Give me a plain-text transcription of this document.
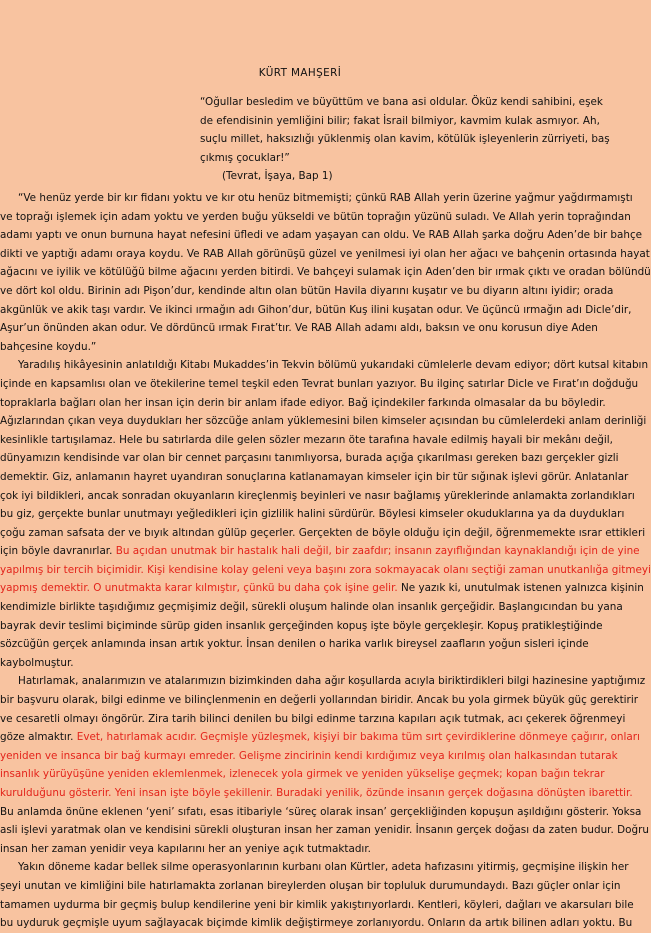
KÜRT MAHŞERİ
“Oğullar besledim ve büyüttüm ve bana asi oldular. Öküz kendi sahibini, eşek
de efendisinin yemliğini bilir; fakat İsrail bilmiyor, kavmim kulak asmıyor. Ah,
suçlu millet, haksızlığı yüklenmiş olan kavim, kötülük işleyenlerin zürriyeti, baş
çıkmış çocuklar!”
(Tevrat, İşaya, Bap 1)
“Ve henüz yerde bir kır fidanı yoktu ve kır otu henüz bitmemişti; çünkü RAB Allah yerin üzerine yağmur yağdırmamıştı
ve toprağı işlemek için adam yoktu ve yerden buğu yükseldi ve bütün toprağın yüzünü suladı. Ve Allah yerin toprağından
adamı yaptı ve onun burnuna hayat nefesini üfledi ve adam yaşayan can oldu. Ve RAB Allah şarka doğru Aden’de bir bahçe
dikti ve yaptığı adamı oraya koydu. Ve RAB Allah görünüşü güzel ve yenilmesi iyi olan her ağacı ve bahçenin ortasında hayat
ağacını ve iyilik ve kötülüğü bilme ağacını yerden bitirdi. Ve bahçeyi sulamak için Aden’den bir ırmak çıktı ve oradan bölündü
ve dört kol oldu. Birinin adı Pişon’dur, kendinde altın olan bütün Havila diyarını kuşatır ve bu diyarın altını iyidir; orada
akgünlük ve akik taşı vardır. Ve ikinci ırmağın adı Gihon’dur, bütün Kuş ilini kuşatan odur. Ve üçüncü ırmağın adı Dicle’dir,
Aşur’un önünden akan odur. Ve dördüncü ırmak Fırat’tır. Ve RAB Allah adamı aldı, baksın ve onu korusun diye Aden
bahçesine koydu.”
Yaradılış hikâyesinin anlatıldığı Kitabı Mukaddes’in Tekvin bölümü yukarıdaki cümlelerle devam ediyor; dört kutsal kitabın
içinde en kapsamlısı olan ve ötekilerine temel teşkil eden Tevrat bunları yazıyor. Bu ilginç satırlar Dicle ve Fırat’ın doğduğu
topraklarla bağları olan her insan için derin bir anlam ifade ediyor. Bağ içindekiler farkında olmasalar da bu böyledir.
Ağızlarından çıkan veya duydukları her sözcüğe anlam yüklemesini bilen kimseler açısından bu cümlelerdeki anlam derinliği
kesinlikle tartışılamaz. Hele bu satırlarda dile gelen sözler mezarın öte tarafına havale edilmiş hayali bir mekânı değil,
dünyamızın kendisinde var olan bir cennet parçasını tanımlıyorsa, burada açığa çıkarılması gereken bazı gerçekler gizli
demektir. Giz, anlamanın hayret uyandıran sonuçlarına katlanamayan kimseler için bir tür sığınak işlevi görür. Anlatanlar
çok iyi bildikleri, ancak sonradan okuyanların kireçlenmiş beyinleri ve nasır bağlamış yüreklerinde anlamakta zorlandıkları
bu giz, gerçekte bunlar unutmayı yeğledikleri için gizlilik halini sürdürür. Böylesi kimseler okuduklarına ya da duydukları
çoğu zaman safsata der ve bıyık altından gülüp geçerler. Gerçekten de böyle olduğu için değil, öğrenmemekte ısrar ettikleri
için böyle davranırlar. Bu açıdan unutmak bir hastalık hali değil, bir zaafdır; insanın zayıflığından kaynaklandığı için de yine
yapılmış bir tercih biçimidir. Kişi kendisine kolay geleni veya başını zora sokmayacak olanı seçtiği zaman unutkanlığa gitmeyi
yapmış demektir. O unutmakta karar kılmıştır, çünkü bu daha çok işine gelir. Ne yazık ki, unutulmak istenen yalnızca kişinin
kendimizle birlikte taşıdığımız geçmişimiz değil, sürekli oluşum halinde olan insanlık gerçeğidir. Başlangıcından bu yana
bayrak devir teslimi biçiminde sürüp giden insanlık gerçeğinden kopuş işte böyle gerçekleşir. Kopuş pratikleştiğinde
sözcüğün gerçek anlamında insan artık yoktur. İnsan denilen o harika varlık bireysel zaafların yoğun sisleri içinde
kaybolmuştur.
Hatırlamak, analarımızın ve atalarımızın bizimkinden daha ağır koşullarda acıyla biriktirdikleri bilgi hazinesine yaptığımız
bir başvuru olarak, bilgi edinme ve bilinçlenmenin en değerli yollarından biridir. Ancak bu yola girmek büyük güç gerektirir
ve cesaretli olmayı öngörür. Zira tarih bilinci denilen bu bilgi edinme tarzına kapıları açık tutmak, acı çekerek öğrenmeyi
göze almaktır. Evet, hatırlamak acıdır. Geçmişle yüzleşmek, kişiyi bir bakıma tüm sırt çevirdiklerine dönmeye çağırır, onları
yeniden ve insanca bir bağ kurmayı emreder. Gelişme zincirinin kendi kırdığımız veya kırılmış olan halkasından tutarak
insanlık yürüyüşüne yeniden eklemlenmek, izlenecek yola girmek ve yeniden yükselişe geçmek; kopan bağın tekrar
kurulduğunu gösterir. Yeni insan işte böyle şekillenir. Buradaki yenilik, özünde insanın gerçek doğasına dönüşten ibarettir.
Bu anlamda önüne eklenen ‘yeni’ sıfatı, esas itibariyle ‘süreç olarak insan’ gerçekliğinden kopuşun aşıldığını gösterir. Yoksa
asli işlevi yaratmak olan ve kendisini sürekli oluşturan insan her zaman yenidir. İnsanın gerçek doğası da zaten budur. Doğru
insan her zaman yenidir veya kapılarını her an yeniye açık tutmaktadır.
Yakın döneme kadar bellek silme operasyonlarının kurbanı olan Kürtler, adeta hafızasını yitirmiş, geçmişine ilişkin her
şeyi unutan ve kimliğini bile hatırlamakta zorlanan bireylerden oluşan bir topluluk durumundaydı. Bazı güçler onlar için
tamamen uydurma bir geçmiş bulup kendilerine yeni bir kimlik yakıştırıyorlardı. Kentleri, köyleri, dağları ve akarsuları bile
bu uyduruk geçmişle uyum sağlayacak biçimde kimlik değiştirmeye zorlanıyordu. Onların da artık bilinen adları yoktu. Bu
